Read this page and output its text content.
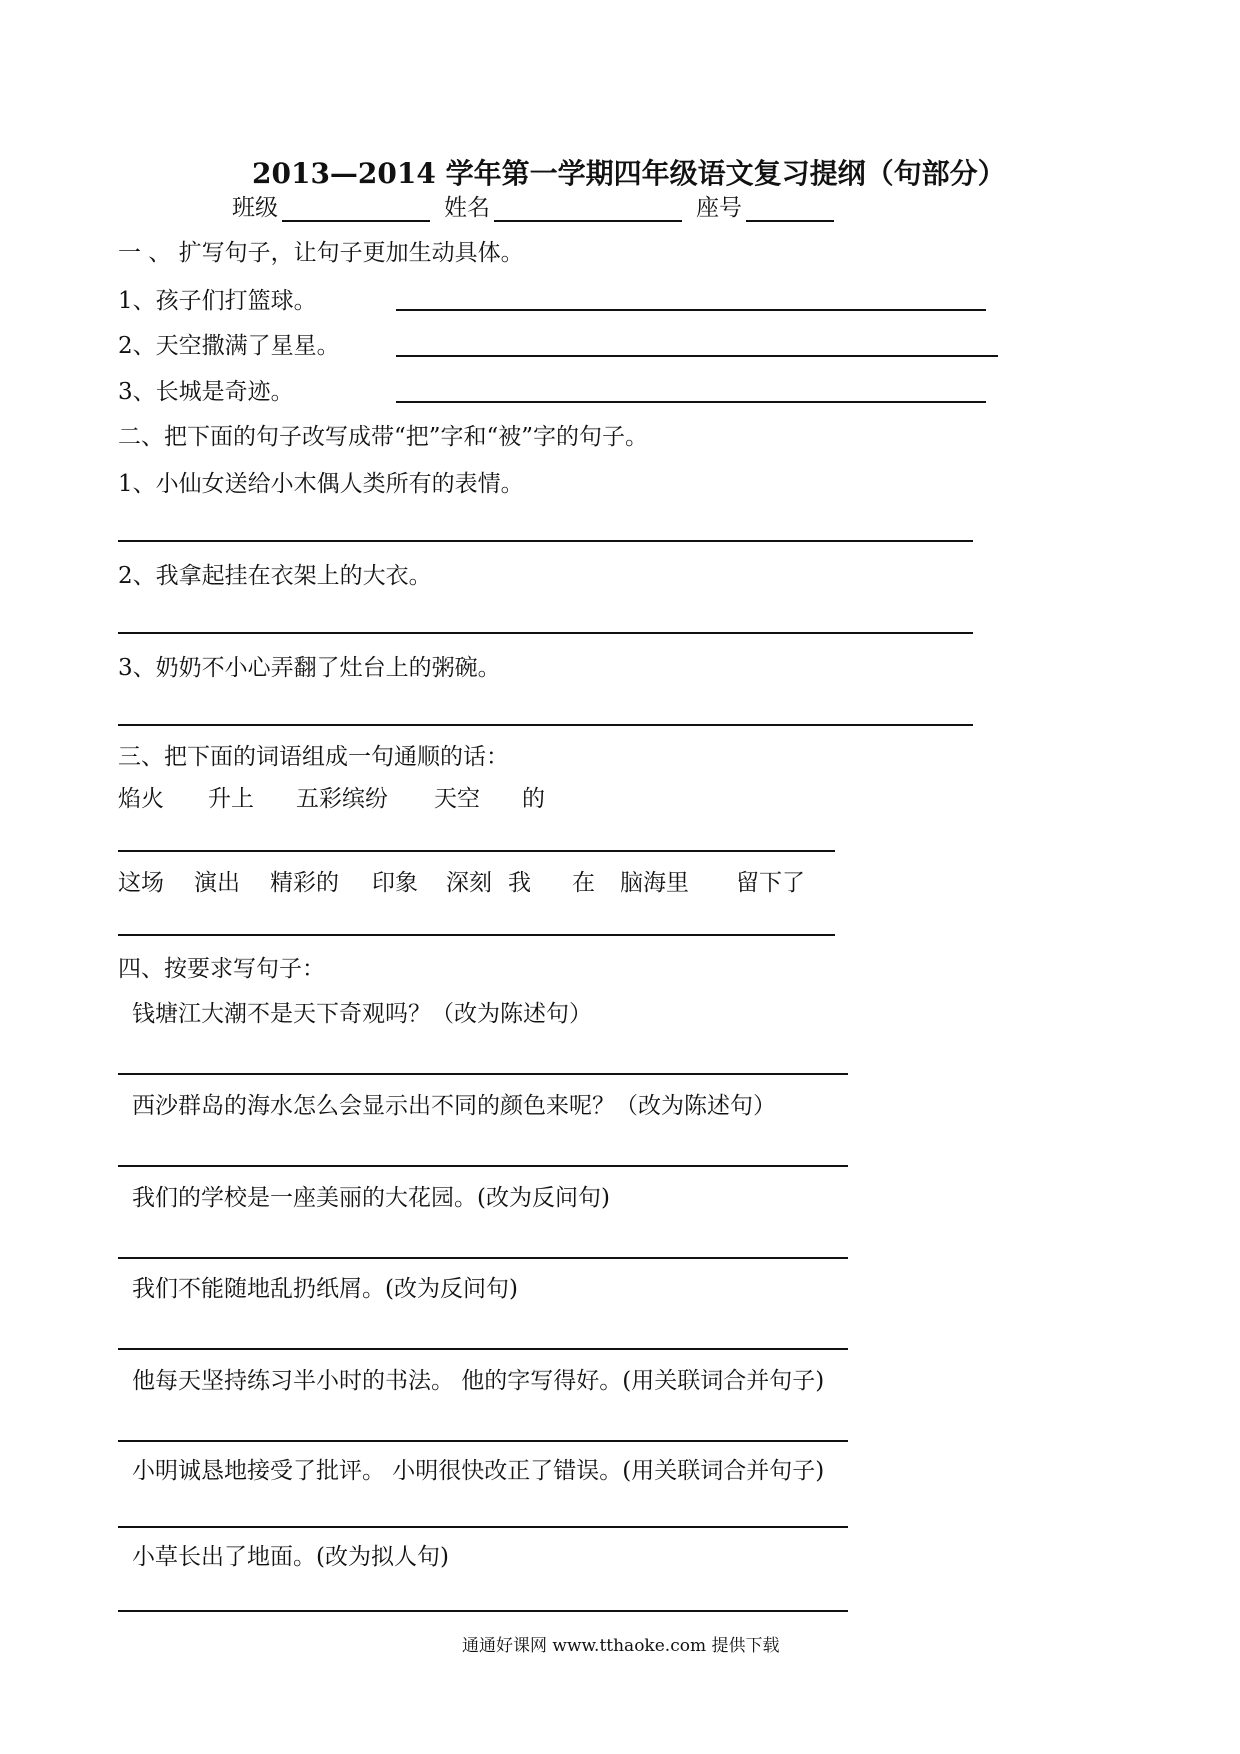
2013—2014 学年第一学期四年级语文复习提纲（句部分）
班级	姓名	座号
一 、 扩写句子，让句子更加生动具体。
1、孩子们打篮球。
2、天空撒满了星星。
3、长城是奇迹。
二、把下面的句子改写成带“把”字和“被”字的句子。
1、小仙女送给小木偶人类所有的表情。
2、我拿起挂在衣架上的大衣。
3、奶奶不小心弄翻了灶台上的粥碗。
三、把下面的词语组成一句通顺的话：
焰火 升上 五彩缤纷 天空 的
这场 演出 精彩的 印象 深刻 我 在 脑海里 留下了
四、按要求写句子：
钱塘江大潮不是天下奇观吗？（改为陈述句）
西沙群岛的海水怎么会显示出不同的颜色来呢？（改为陈述句）
我们的学校是一座美丽的大花园。(改为反问句)
我们不能随地乱扔纸屑。(改为反问句)
他每天坚持练习半小时的书法。 他的字写得好。(用关联词合并句子)
小明诚恳地接受了批评。 小明很快改正了错误。(用关联词合并句子)
小草长出了地面。(改为拟人句)
通通好课网 www.tthaoke.com 提供下载
